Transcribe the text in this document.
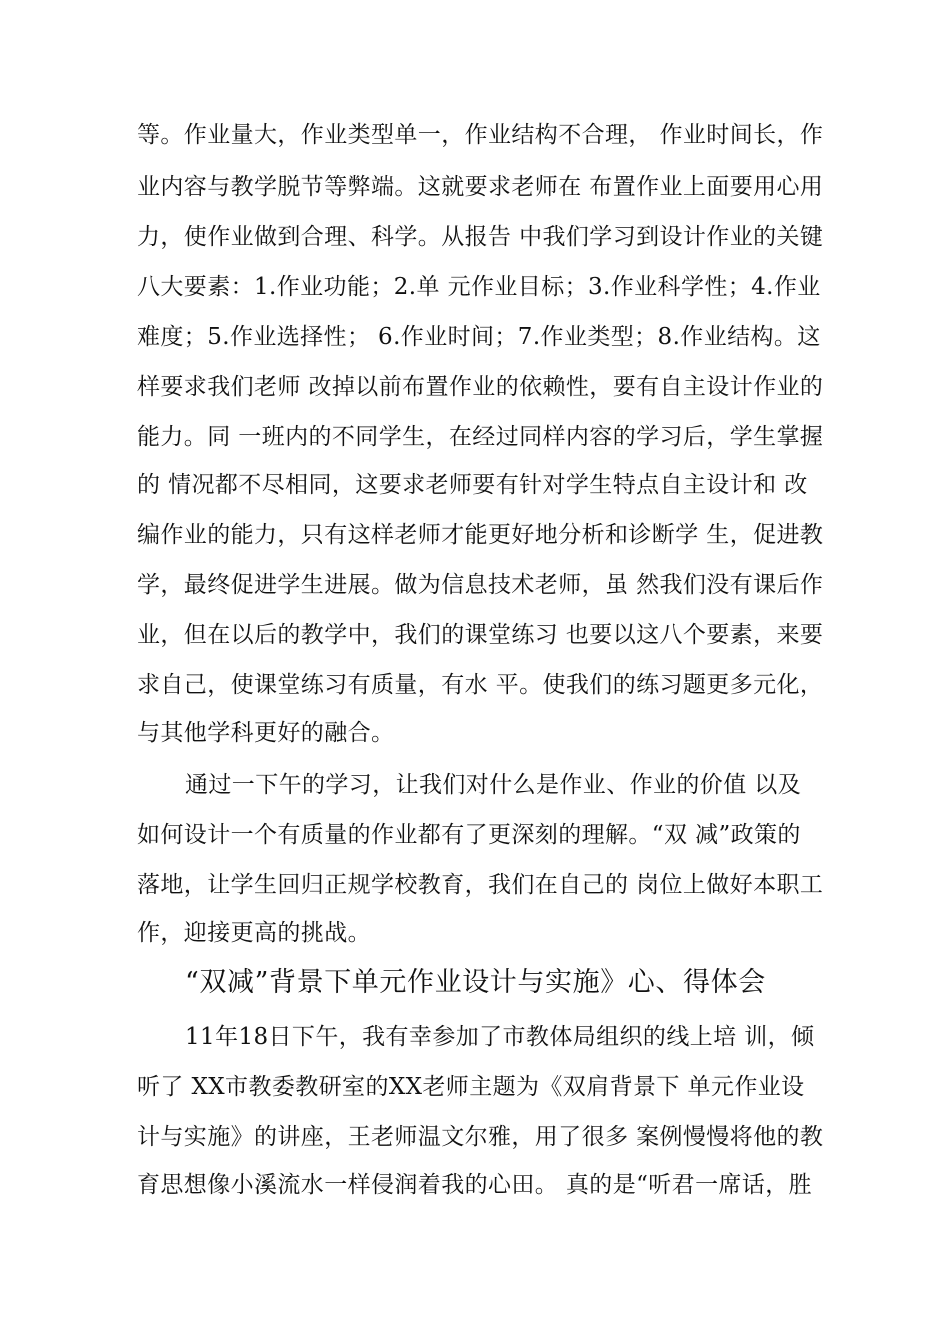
等。作业量大，作业类型单一，作业结构不合理， 作业时间长，作
业内容与教学脱节等弊端。这就要求老师在 布置作业上面要用心用
力，使作业做到合理、科学。从报告 中我们学习到设计作业的关键
八大要素：1.作业功能；2.单 元作业目标；3.作业科学性；4.作业
难度；5.作业选择性； 6.作业时间；7.作业类型；8.作业结构。这
样要求我们老师 改掉以前布置作业的依赖性，要有自主设计作业的
能力。同 一班内的不同学生，在经过同样内容的学习后，学生掌握
的 情况都不尽相同，这要求老师要有针对学生特点自主设计和 改
编作业的能力，只有这样老师才能更好地分析和诊断学 生，促进教
学，最终促进学生进展。做为信息技术老师，虽 然我们没有课后作
业，但在以后的教学中，我们的课堂练习 也要以这八个要素，来要
求自己，使课堂练习有质量，有水 平。使我们的练习题更多元化，
与其他学科更好的融合。
通过一下午的学习，让我们对什么是作业、作业的价值 以及
如何设计一个有质量的作业都有了更深刻的理解。“双 减”政策的
落地，让学生回归正规学校教育，我们在自己的 岗位上做好本职工
作，迎接更高的挑战。
“双减”背景下单元作业设计与实施》心、得体会
11年18日下午，我有幸参加了市教体局组织的线上培 训，倾
听了 XX市教委教研室的XX老师主题为《双肩背景下 单元作业设
计与实施》的讲座，王老师温文尔雅，用了很多 案例慢慢将他的教
育思想像小溪流水一样侵润着我的心田。 真的是“听君一席话，胜
